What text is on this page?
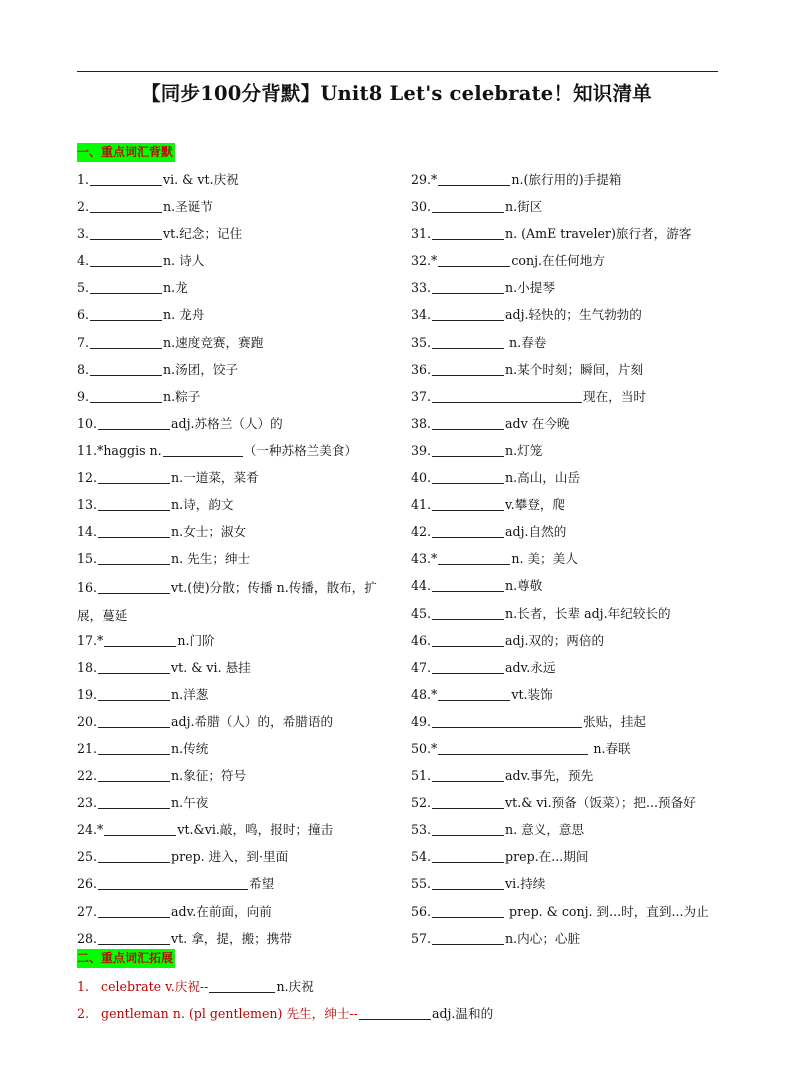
【同步100分背默】Unit8 Let's celebrate！知识清单
一、重点词汇背默
1.	vi. & vt.庆祝
2.	n.圣诞节
3.	vt.纪念；记住
4.	n. 诗人
5.	n.龙
6.	n. 龙舟
7.	n.速度竞赛，赛跑
8.	n.汤团，饺子
9.	n.粽子
10.	adj.苏格兰（人）的
11.*haggis n.	（一种苏格兰美食）
12.	n.一道菜，菜肴
13.	n.诗，韵文
14.	n.女士；淑女
15.	n. 先生；绅士
16.	vt.(使)分散；传播 n.传播，散布，扩展，蔓延
17.*	n.门阶
18.	vt. & vi. 悬挂
19.	n.洋葱
20.	adj.希腊（人）的，希腊语的
21.	n.传统
22.	n.象征；符号
23.	n.午夜
24.*	vt.&vi.敲，鸣，报时；撞击
25.	prep. 进入，到·里面
26.	希望
27.	adv.在前面，向前
28.	vt. 拿，提，搬；携带
29.*	n.(旅行用的)手提箱
30.	n.街区
31.	n. (AmE traveler)旅行者，游客
32.*	conj.在任何地方
33.	n.小提琴
34.	adj.轻快的；生气勃勃的
35.	n.春卷
36.	n.某个时刻；瞬间，片刻
37.	现在，当时
38.	adv 在今晚
39.	n.灯笼
40.	n.高山，山岳
41.	v.攀登，爬
42.	adj.自然的
43.*	n. 美；美人
44.	n.尊敬
45.	n.长者，长辈 adj.年纪较长的
46.	adj.双的；两倍的
47.	adv.永远
48.*	vt.装饰
49.	张贴，挂起
50.*	n.春联
51.	adv.事先，预先
52.	vt.& vi.预备（饭菜）；把...预备好
53.	n. 意义，意思
54.	prep.在...期间
55.	vi.持续
56.	prep. & conj. 到...时，直到...为止
57.	n.内心；心脏
二、重点词汇拓展
1. celebrate v.庆祝--	n.庆祝
2. gentleman n. (pl gentlemen) 先生，绅士--	adj.温和的
